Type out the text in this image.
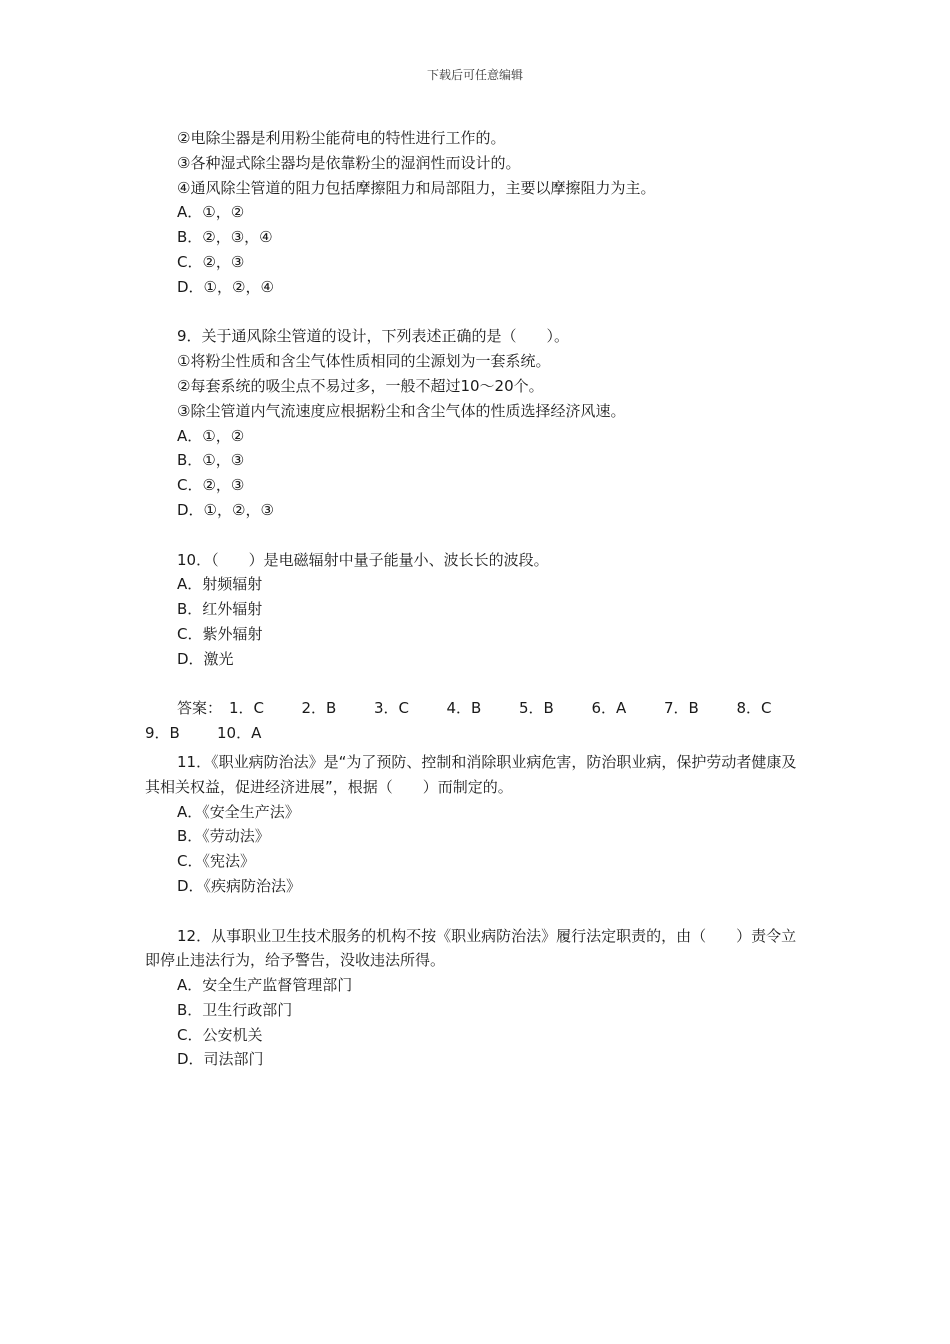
下载后可任意编辑
②电除尘器是利用粉尘能荷电的特性进行工作的。
③各种湿式除尘器均是依靠粉尘的湿润性而设计的。
④通风除尘管道的阻力包括摩擦阻力和局部阻力，主要以摩擦阻力为主。
A．①，②
B．②，③，④
C．②，③
D．①，②，④
9．关于通风除尘管道的设计，下列表述正确的是（　　）。
①将粉尘性质和含尘气体性质相同的尘源划为一套系统。
②每套系统的吸尘点不易过多，一般不超过10～20个。
③除尘管道内气流速度应根据粉尘和含尘气体的性质选择经济风速。
A．①，②
B．①，③
C．②，③
D．①，②，③
10．（　　）是电磁辐射中量子能量小、波长长的波段。
A．射频辐射
B．红外辐射
C．紫外辐射
D．激光
答案： 1．C	2．B	3．C	4．B	5．B	6．A	7．B	8．C
9．B	10．A
11．《职业病防治法》是“为了预防、控制和消除职业病危害，防治职业病，保护劳动者健康及其相关权益，促进经济进展”，根据（　　）而制定的。
A．《安全生产法》
B．《劳动法》
C．《宪法》
D．《疾病防治法》
12．从事职业卫生技术服务的机构不按《职业病防治法》履行法定职责的，由（　　）责令立即停止违法行为，给予警告，没收违法所得。
A．安全生产监督管理部门
B．卫生行政部门
C．公安机关
D．司法部门
